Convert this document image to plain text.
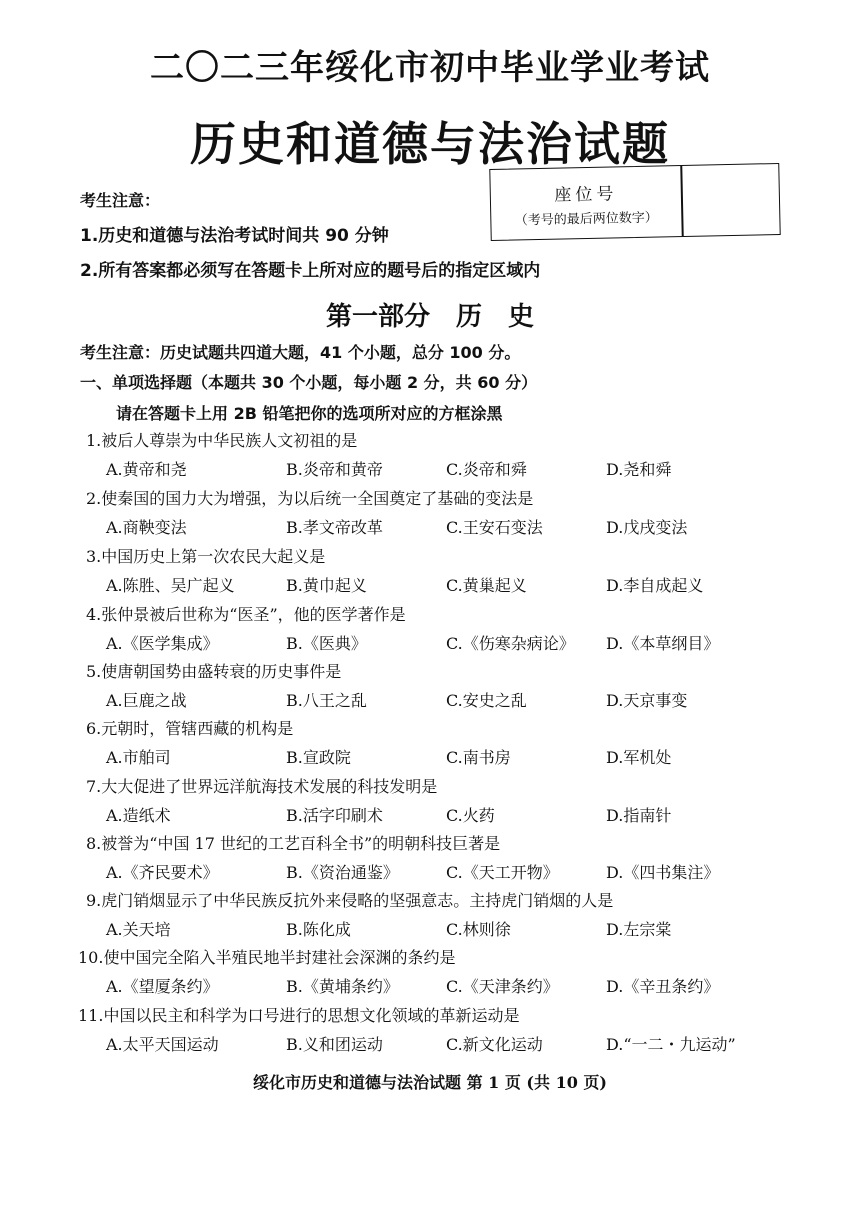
二〇二三年绥化市初中毕业学业考试
历史和道德与法治试题
考生注意：
1.历史和道德与法治考试时间共 90 分钟
2.所有答案都必须写在答题卡上所对应的题号后的指定区域内
座位号
（考号的最后两位数字）
第一部分　历　史
考生注意：历史试题共四道大题，41 个小题，总分 100 分。
一、单项选择题（本题共 30 个小题，每小题 2 分，共 60 分）
请在答题卡上用 2B 铅笔把你的选项所对应的方框涂黑
1.被后人尊崇为中华民族人文初祖的是
A.黄帝和尧	B.炎帝和黄帝	C.炎帝和舜	D.尧和舜
2.使秦国的国力大为增强，为以后统一全国奠定了基础的变法是
A.商鞅变法	B.孝文帝改革	C.王安石变法	D.戊戌变法
3.中国历史上第一次农民大起义是
A.陈胜、吴广起义	B.黄巾起义	C.黄巢起义	D.李自成起义
4.张仲景被后世称为“医圣”，他的医学著作是
A.《医学集成》	B.《医典》	C.《伤寒杂病论》 D.《本草纲目》
5.使唐朝国势由盛转衰的历史事件是
A.巨鹿之战	B.八王之乱	C.安史之乱	D.天京事变
6.元朝时，管辖西藏的机构是
A.市舶司	B.宣政院	C.南书房	D.军机处
7.大大促进了世界远洋航海技术发展的科技发明是
A.造纸术	B.活字印刷术	C.火药	D.指南针
8.被誉为“中国 17 世纪的工艺百科全书”的明朝科技巨著是
A.《齐民要术》	B.《资治通鉴》	C.《天工开物》	D.《四书集注》
9.虎门销烟显示了中华民族反抗外来侵略的坚强意志。主持虎门销烟的人是
A.关天培	B.陈化成	C.林则徐	D.左宗棠
10.使中国完全陷入半殖民地半封建社会深渊的条约是
A.《望厦条约》	B.《黄埔条约》	C.《天津条约》	D.《辛丑条约》
11.中国以民主和科学为口号进行的思想文化领域的革新运动是
A.太平天国运动	B.义和团运动	C.新文化运动	D.“一二・九运动”
绥化市历史和道德与法治试题 第 1 页 (共 10 页)
